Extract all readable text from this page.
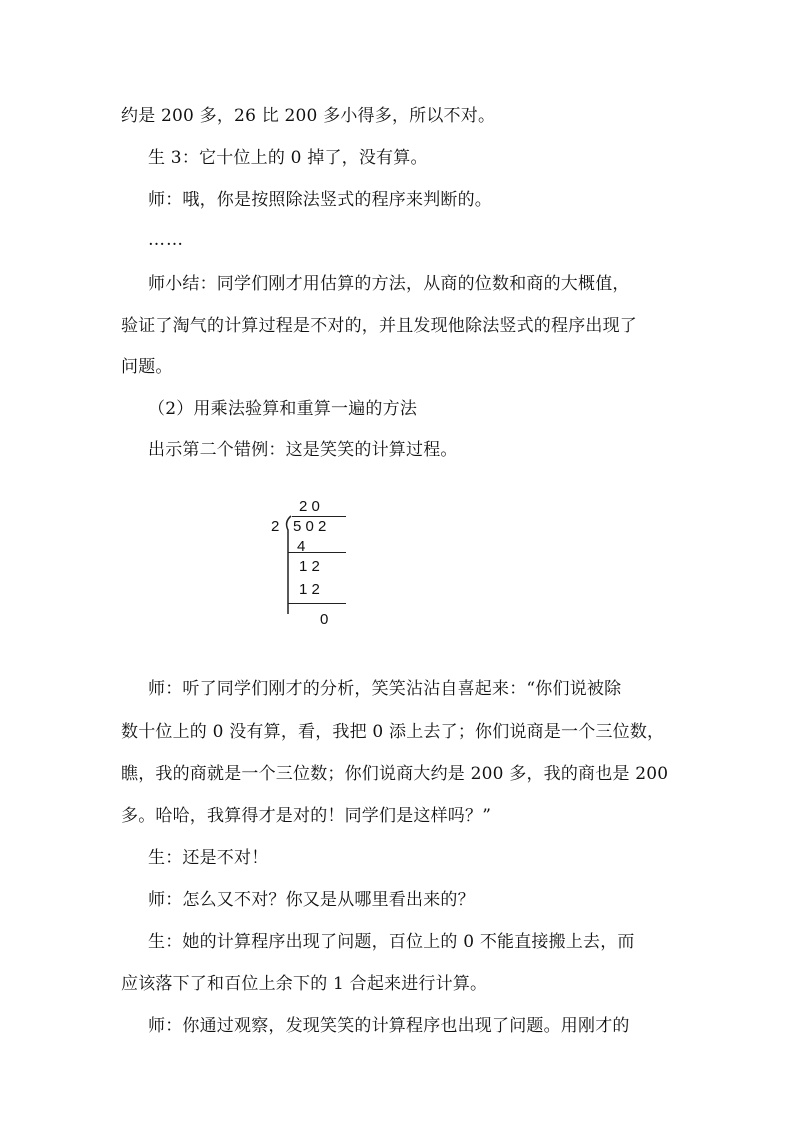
约是 200 多，26 比 200 多小得多，所以不对。
生 3：它十位上的 0 掉了，没有算。
师：哦，你是按照除法竖式的程序来判断的。
……
师小结：同学们刚才用估算的方法，从商的位数和商的大概值，
验证了淘气的计算过程是不对的，并且发现他除法竖式的程序出现了
问题。
（2）用乘法验算和重算一遍的方法
出示第二个错例：这是笑笑的计算过程。
2 0
2 5 0 2
4
1 2
1 2
0
师：听了同学们刚才的分析，笑笑沾沾自喜起来：“你们说被除
数十位上的 0 没有算，看，我把 0 添上去了；你们说商是一个三位数，
瞧，我的商就是一个三位数；你们说商大约是 200 多，我的商也是 200
多。哈哈，我算得才是对的！同学们是这样吗？”
生：还是不对！
师：怎么又不对？你又是从哪里看出来的？
生：她的计算程序出现了问题，百位上的 0 不能直接搬上去，而
应该落下了和百位上余下的 1 合起来进行计算。
师：你通过观察，发现笑笑的计算程序也出现了问题。用刚才的
